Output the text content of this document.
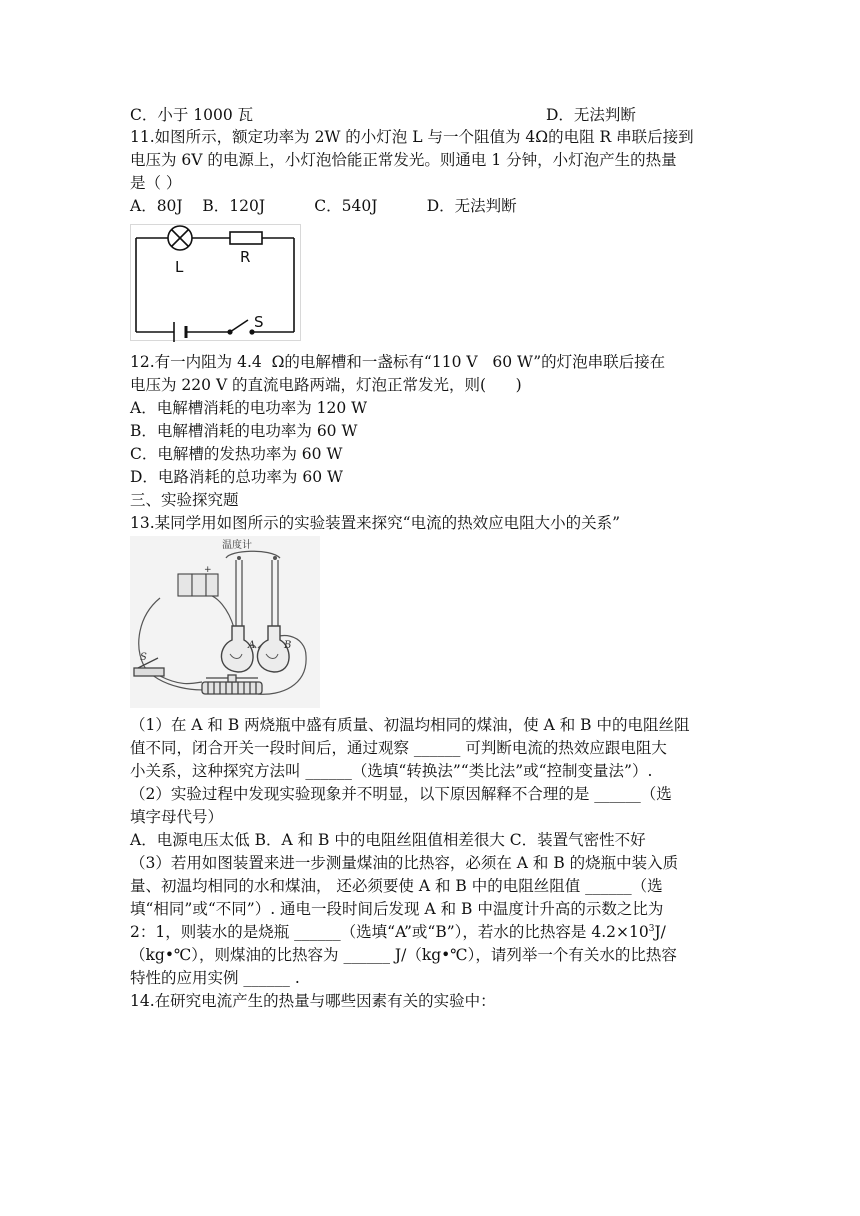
C．小于 1000 瓦	D．无法判断
11.如图所示，额定功率为 2W 的小灯泡 L 与一个阻值为 4Ω的电阻 R 串联后接到
电压为 6V 的电源上，小灯泡恰能正常发光。则通电 1 分钟，小灯泡产生的热量
是（ ）
A．80J    B．120J          C．540J          D．无法判断
L
R
S
12.有一内阻为 4.4  Ω的电解槽和一盏标有“110 V   60 W”的灯泡串联后接在
电压为 220 V 的直流电路两端，灯泡正常发光，则(      )
A．电解槽消耗的电功率为 120 W
B．电解槽消耗的电功率为 60 W
C．电解槽的发热功率为 60 W
D．电路消耗的总功率为 60 W
三、实验探究题
13.某同学用如图所示的实验装置来探究“电流的热效应电阻大小的关系”
+
温度计
A	B
S
（1）在 A 和 B 两烧瓶中盛有质量、初温均相同的煤油，使 A 和 B 中的电阻丝阻
值不同，闭合开关一段时间后，通过观察 ______ 可判断电流的热效应跟电阻大
小关系，这种探究方法叫 ______（选填“转换法”“类比法”或“控制变量法”）.
（2）实验过程中发现实验现象并不明显，以下原因解释不合理的是 ______（选
填字母代号）
A．电源电压太低 B．A 和 B 中的电阻丝阻值相差很大 C．装置气密性不好
（3）若用如图装置来进一步测量煤油的比热容，必须在 A 和 B 的烧瓶中装入质
量、初温均相同的水和煤油， 还必须要使 A 和 B 中的电阻丝阻值 ______（选
填“相同”或“不同”）. 通电一段时间后发现 A 和 B 中温度计升高的示数之比为
2：1，则装水的是烧瓶 ______（选填“A”或“B”），若水的比热容是 $4.2\times 10^3J/$
（kg•℃），则煤油的比热容为 ______ J/（kg•℃），请列举一个有关水的比热容
特性的应用实例 ______ .
14.在研究电流产生的热量与哪些因素有关的实验中：
